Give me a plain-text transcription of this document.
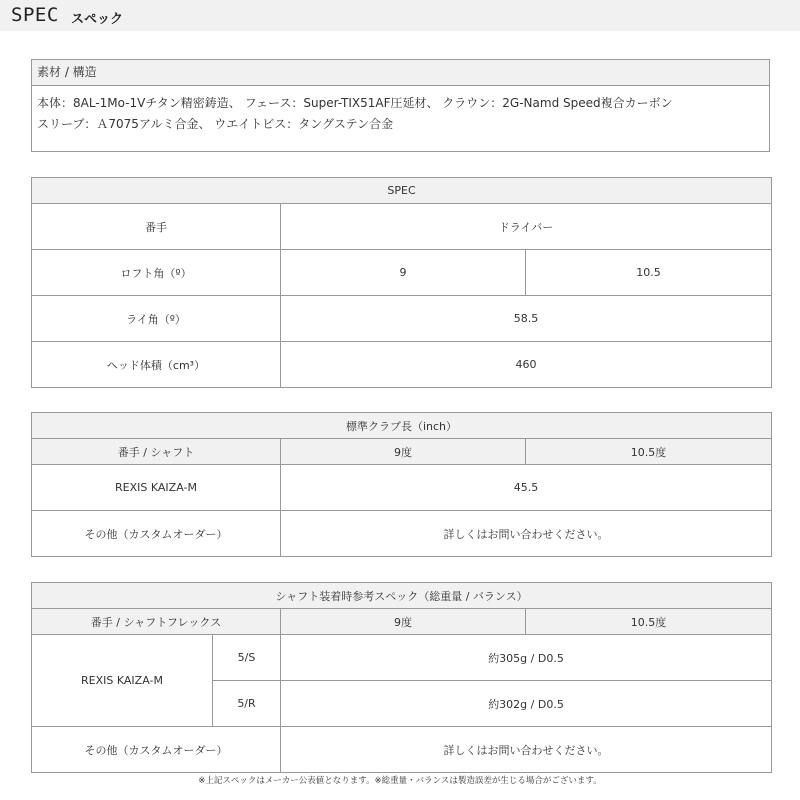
SPEC スペック
素材 / 構造
本体：8AL-1Mo-1Vチタン精密鋳造、 フェース：Super-TIX51AF圧延材、 クラウン：2G-Namd Speed複合カーボン
スリーブ：Ａ7075アルミ合金、 ウエイトビス：タングステン合金
SPEC		
番手	ドライバー	
ロフト角（º）	9	10.5
ライ角（º）	58.5	
ヘッド体積（cm³）	460	
標準クラブ長（inch）		
番手 / シャフト	9度	10.5度
REXIS KAIZA-M	45.5	
その他（カスタムオーダー）	詳しくはお問い合わせください。	
シャフト装着時参考スペック（総重量 / バランス）			
番手 / シャフトフレックス		9度	10.5度
REXIS KAIZA-M	5/S	約305g / D0.5	
	5/R	約302g / D0.5	
その他（カスタムオーダー）		詳しくはお問い合わせください。	
※上記スペックはメーカー公表値となります。※総重量・バランスは製造誤差が生じる場合がございます。
